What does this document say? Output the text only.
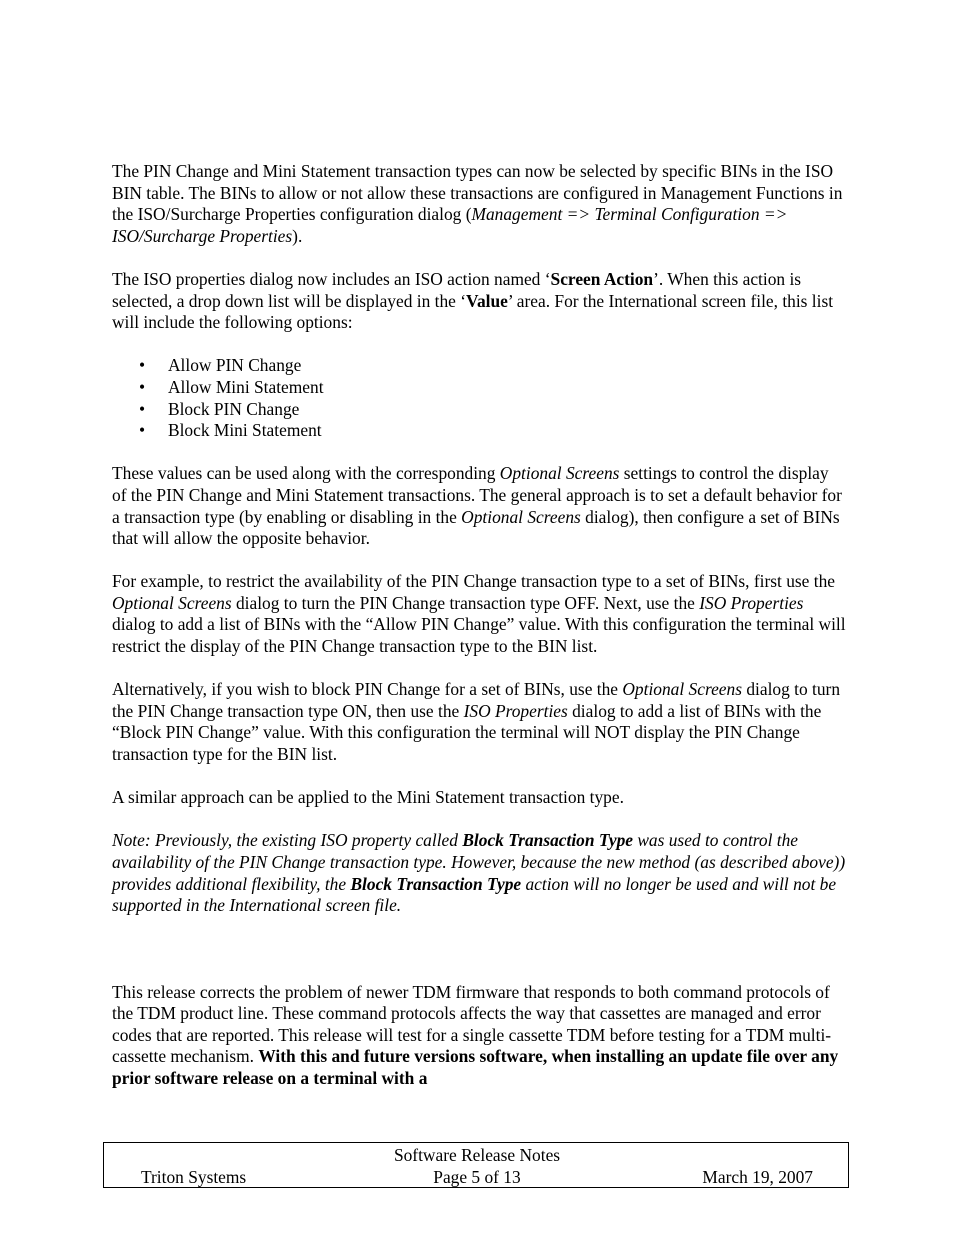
The PIN Change and Mini Statement transaction types can now be selected by specific BINs in the ISO BIN table. The BINs to allow or not allow these transactions are configured in Management Functions in the ISO/Surcharge Properties configuration dialog (Management => Terminal Configuration => ISO/Surcharge Properties).

The ISO properties dialog now includes an ISO action named ‘Screen Action’. When this action is selected, a drop down list will be displayed in the ‘Value’ area. For the International screen file, this list will include the following options:

• Allow PIN Change
• Allow Mini Statement
• Block PIN Change
• Block Mini Statement

These values can be used along with the corresponding Optional Screens settings to control the display of the PIN Change and Mini Statement transactions. The general approach is to set a default behavior for a transaction type (by enabling or disabling in the Optional Screens dialog), then configure a set of BINs that will allow the opposite behavior.

For example, to restrict the availability of the PIN Change transaction type to a set of BINs, first use the Optional Screens dialog to turn the PIN Change transaction type OFF. Next, use the ISO Properties dialog to add a list of BINs with the “Allow PIN Change” value. With this configuration the terminal will restrict the display of the PIN Change transaction type to the BIN list.

Alternatively, if you wish to block PIN Change for a set of BINs, use the Optional Screens dialog to turn the PIN Change transaction type ON, then use the ISO Properties dialog to add a list of BINs with the “Block PIN Change” value. With this configuration the terminal will NOT display the PIN Change transaction type for the BIN list.

A similar approach can be applied to the Mini Statement transaction type.

Note: Previously, the existing ISO property called Block Transaction Type was used to control the availability of the PIN Change transaction type. However, because the new method (as described above)) provides additional flexibility, the Block Transaction Type action will no longer be used and will not be supported in the International screen file.

This release corrects the problem of newer TDM firmware that responds to both command protocols of the TDM product line. These command protocols affects the way that cassettes are managed and error codes that are reported. This release will test for a single cassette TDM before testing for a TDM multi-cassette mechanism. With this and future versions software, when installing an update file over any prior software release on a terminal with a

Software Release Notes
Triton Systems	Page 5 of 13	March 19, 2007
